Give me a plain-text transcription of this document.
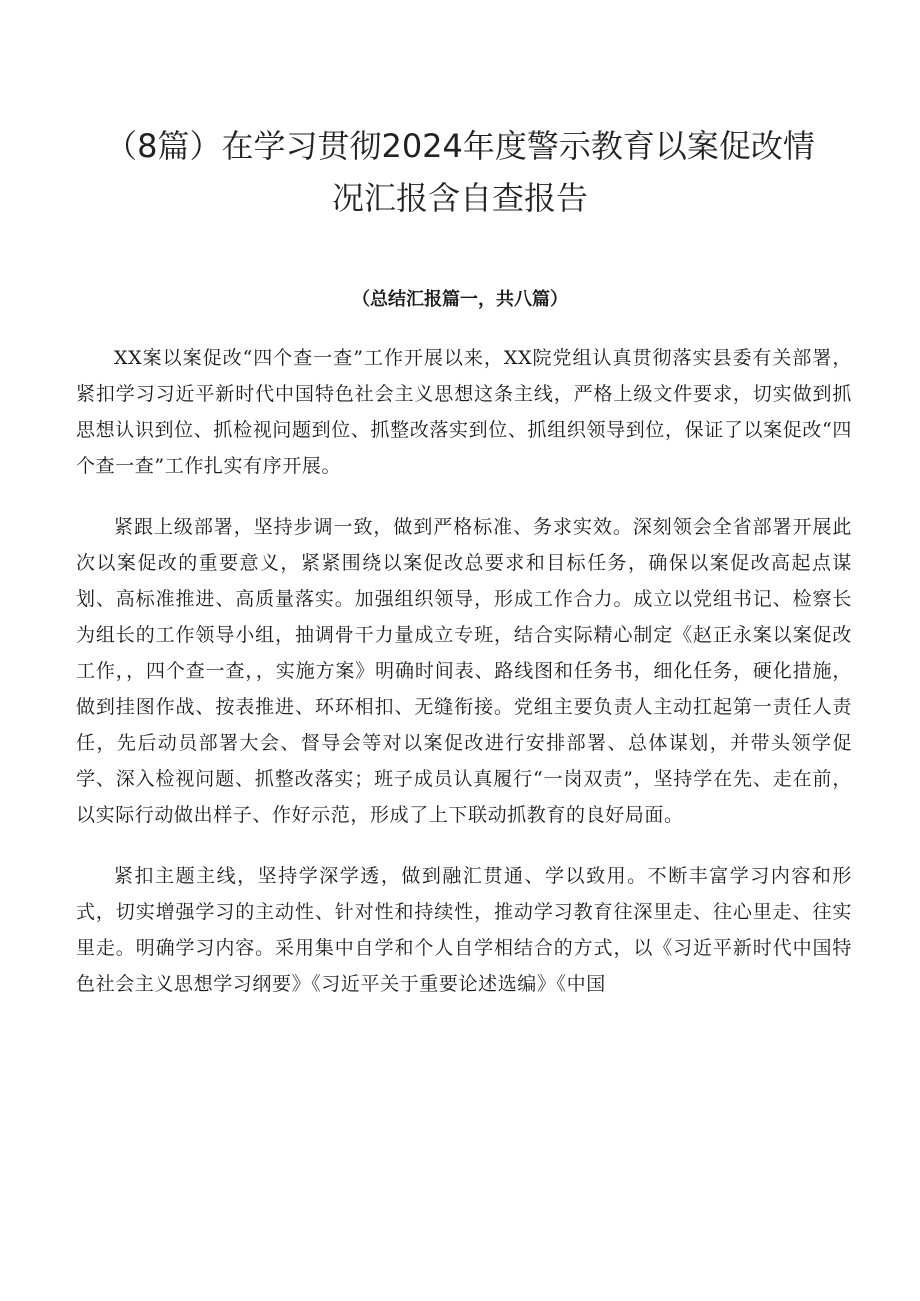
（8篇）在学习贯彻2024年度警示教育以案促改情
况汇报含自查报告
（总结汇报篇一，共八篇）

XX案以案促改“四个查一查”工作开展以来，XX院党组认真贯彻落实县委有关部署，紧扣学习习近平新时代中国特色社会主义思想这条主线，严格上级文件要求，切实做到抓思想认识到位、抓检视问题到位、抓整改落实到位、抓组织领导到位，保证了以案促改“四个查一查”工作扎实有序开展。

紧跟上级部署，坚持步调一致，做到严格标准、务求实效。深刻领会全省部署开展此次以案促改的重要意义，紧紧围绕以案促改总要求和目标任务，确保以案促改高起点谋划、高标准推进、高质量落实。加强组织领导，形成工作合力。成立以党组书记、检察长为组长的工作领导小组，抽调骨干力量成立专班，结合实际精心制定《赵正永案以案促改工作，，四个查一查，，实施方案》明确时间表、路线图和任务书，细化任务，硬化措施，做到挂图作战、按表推进、环环相扣、无缝衔接。党组主要负责人主动扛起第一责任人责任，先后动员部署大会、督导会等对以案促改进行安排部署、总体谋划，并带头领学促学、深入检视问题、抓整改落实；班子成员认真履行“一岗双责”，坚持学在先、走在前，以实际行动做出样子、作好示范，形成了上下联动抓教育的良好局面。

紧扣主题主线，坚持学深学透，做到融汇贯通、学以致用。不断丰富学习内容和形式，切实增强学习的主动性、针对性和持续性，推动学习教育往深里走、往心里走、往实里走。明确学习内容。采用集中自学和个人自学相结合的方式，以《习近平新时代中国特色社会主义思想学习纲要》《习近平关于重要论述选编》《中国
